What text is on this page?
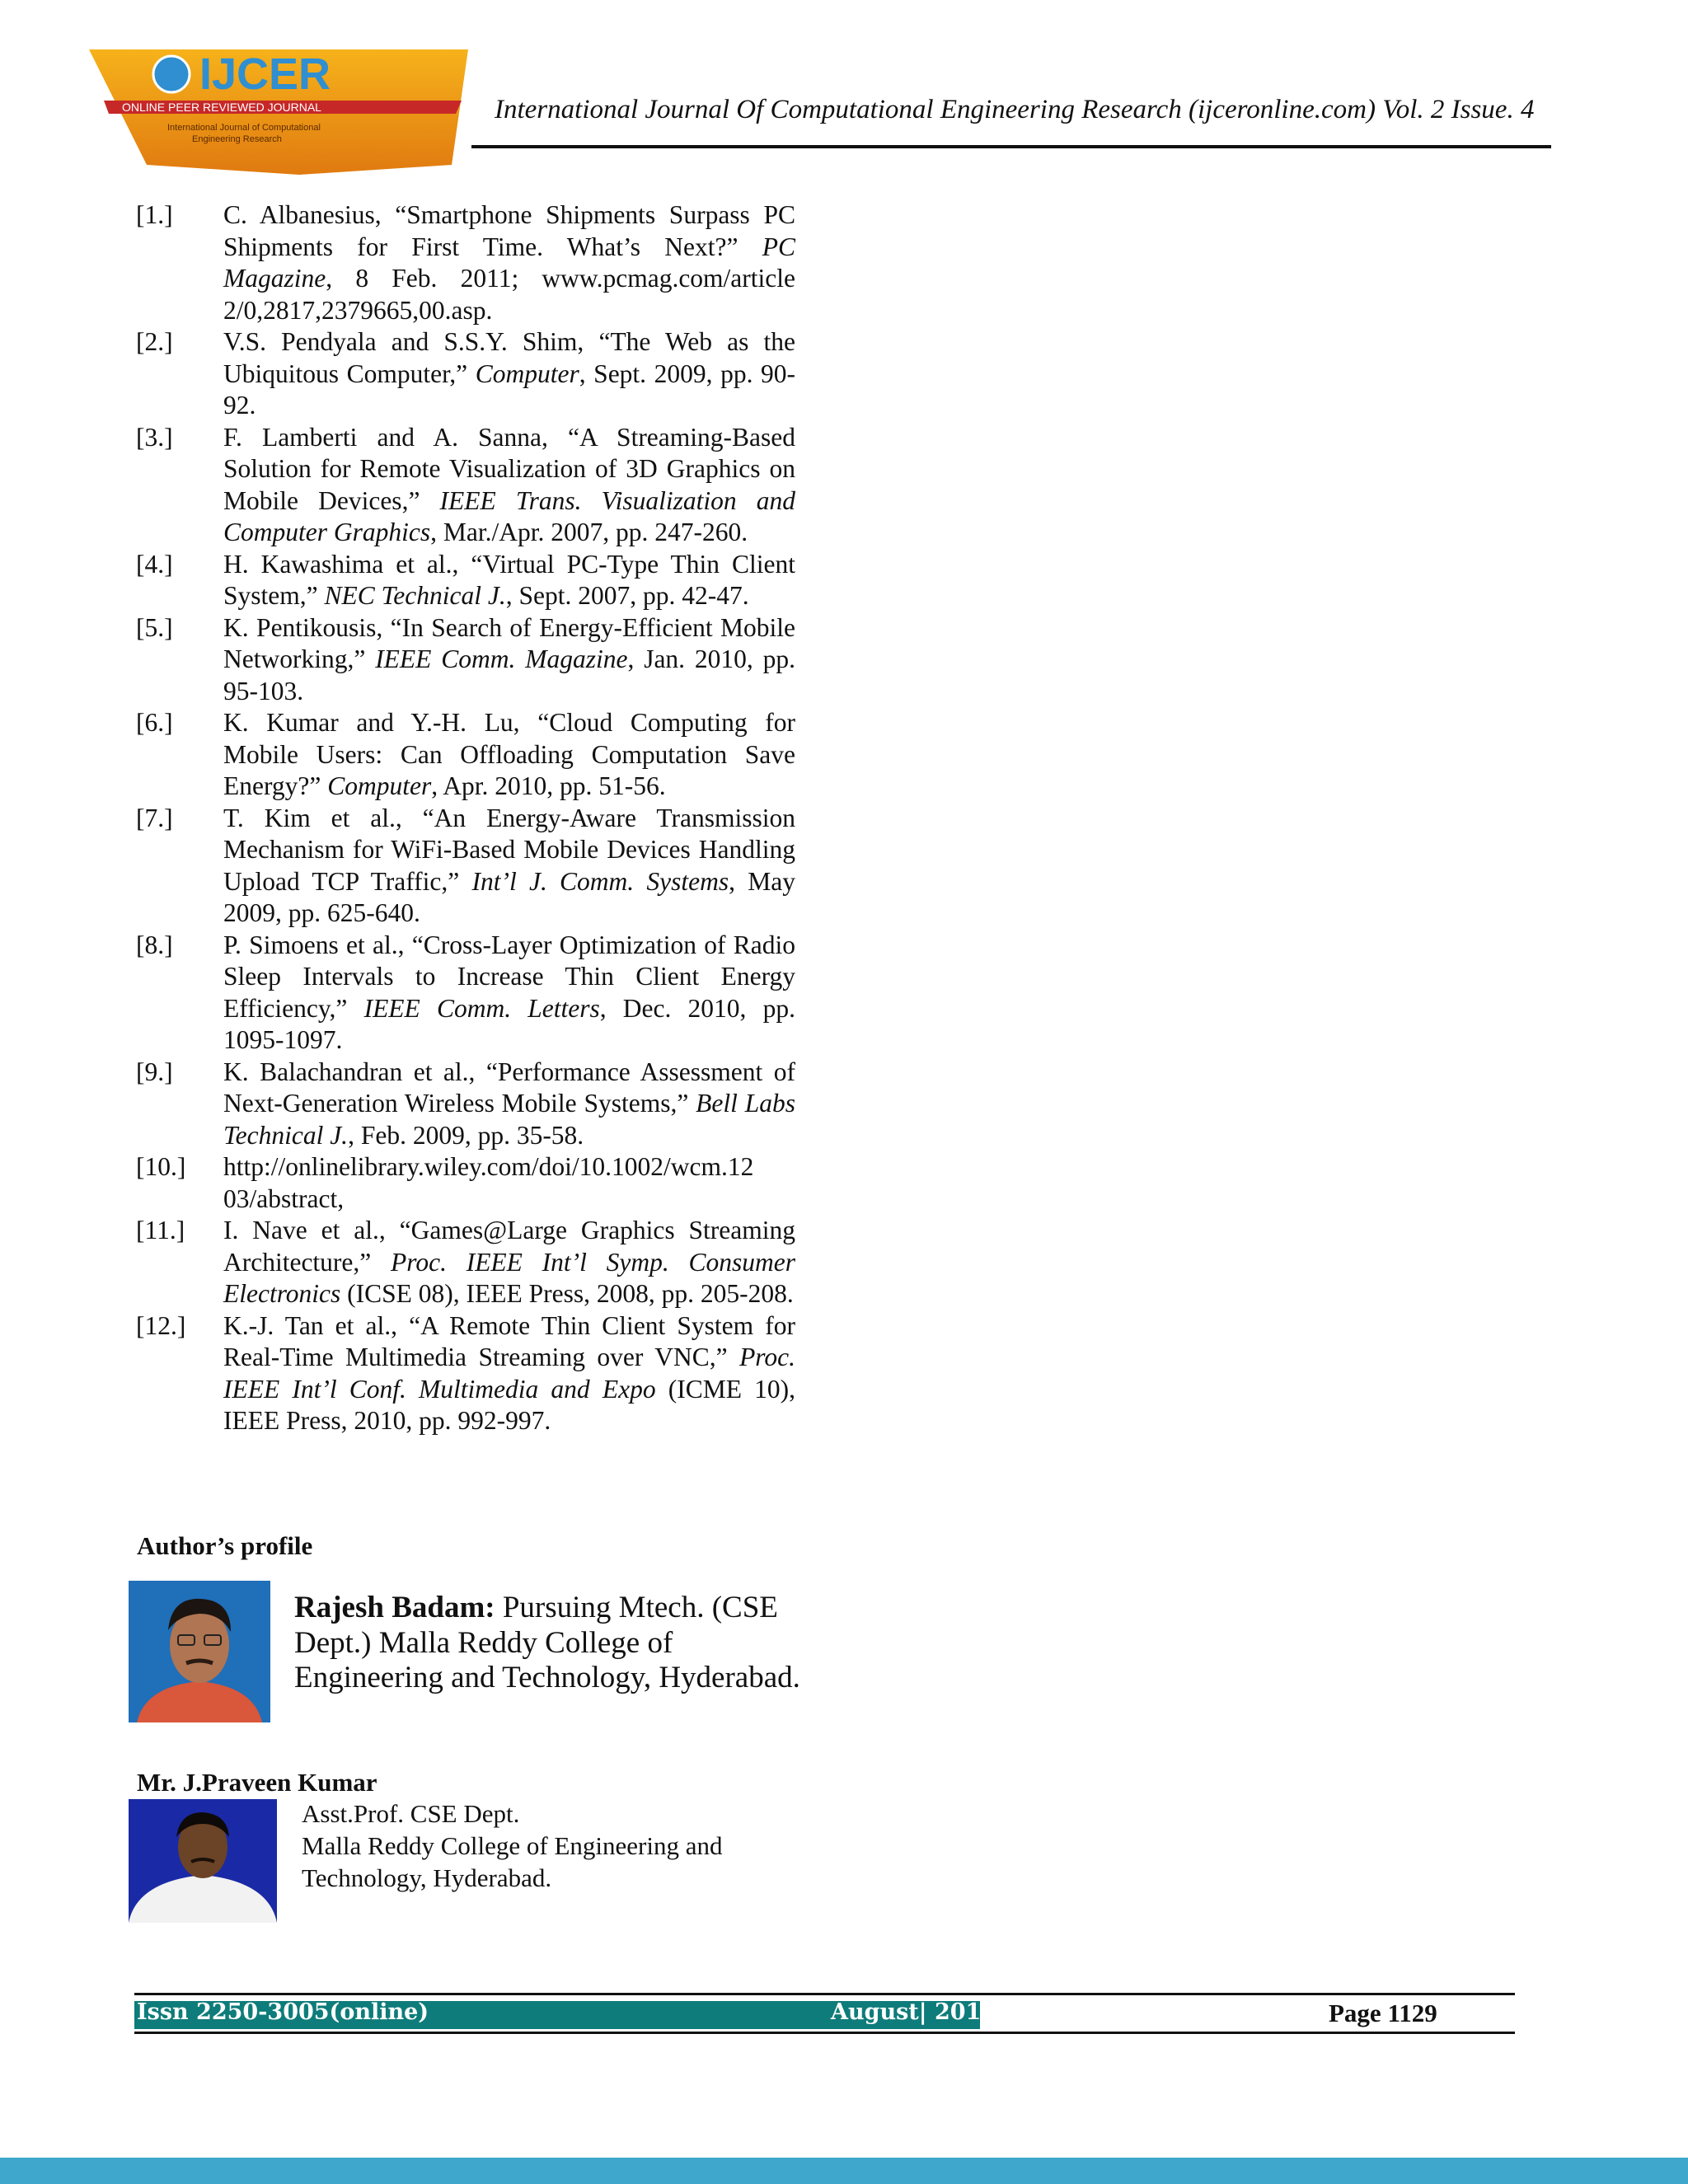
IJCER
ONLINE PEER REVIEWED JOURNAL
International Journal of Computational
Engineering Research
International Journal Of Computational Engineering Research (ijceronline.com) Vol. 2 Issue. 4
[1.] C. Albanesius, “Smartphone Shipments Surpass PC Shipments for First Time. What’s Next?” PC Magazine, 8 Feb. 2011; www.pcmag.com/article 2/0,2817,2379665,00.asp.
[2.] V.S. Pendyala and S.S.Y. Shim, “The Web as the Ubiquitous Computer,” Computer, Sept. 2009, pp. 90-92.
[3.] F. Lamberti and A. Sanna, “A Streaming-Based Solution for Remote Visualization of 3D Graphics on Mobile Devices,” IEEE Trans. Visualization and Computer Graphics, Mar./Apr. 2007, pp. 247-260.
[4.] H. Kawashima et al., “Virtual PC-Type Thin Client System,” NEC Technical J., Sept. 2007, pp. 42-47.
[5.] K. Pentikousis, “In Search of Energy-Efficient Mobile Networking,” IEEE Comm. Magazine, Jan. 2010, pp. 95-103.
[6.] K. Kumar and Y.-H. Lu, “Cloud Computing for Mobile Users: Can Offloading Computation Save Energy?” Computer, Apr. 2010, pp. 51-56.
[7.] T. Kim et al., “An Energy-Aware Transmission Mechanism for WiFi-Based Mobile Devices Handling Upload TCP Traffic,” Int’l J. Comm. Systems, May 2009, pp. 625-640.
[8.] P. Simoens et al., “Cross-Layer Optimization of Radio Sleep Intervals to Increase Thin Client Energy Efficiency,” IEEE Comm. Letters, Dec. 2010, pp. 1095-1097.
[9.] K. Balachandran et al., “Performance Assessment of Next-Generation Wireless Mobile Systems,” Bell Labs Technical J., Feb. 2009, pp. 35-58.
[10.] http://onlinelibrary.wiley.com/doi/10.1002/wcm.12 03/abstract,
[11.] I. Nave et al., “Games@Large Graphics Streaming Architecture,” Proc. IEEE Int’l Symp. Consumer Electronics (ICSE 08), IEEE Press, 2008, pp. 205-208.
[12.] K.-J. Tan et al., “A Remote Thin Client System for Real-Time Multimedia Streaming over VNC,” Proc. IEEE Int’l Conf. Multimedia and Expo (ICME 10), IEEE Press, 2010, pp. 992-997.
Author’s profile
Rajesh Badam: Pursuing Mtech. (CSE Dept.) Malla Reddy College of Engineering and Technology, Hyderabad.
Mr. J.Praveen Kumar
Asst.Prof. CSE Dept.
Malla Reddy College of Engineering and
Technology, Hyderabad.
Issn 2250-3005(online)	August| 2012	Page 1129
